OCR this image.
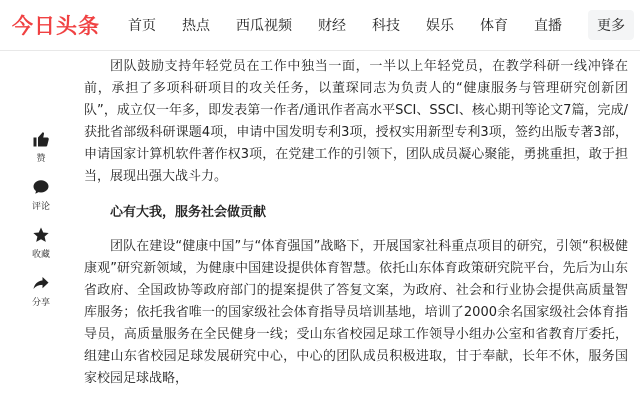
今日头条 首页 热点 西瓜视频 财经 科技 娱乐 体育 直播	更多
赞
评论
收藏
分享

团队鼓励支持年轻党员在工作中独当一面，一半以上年轻党员，在教学科研一线冲锋在前，承担了多项科研项目的攻关任务，以董琛同志为负责人的“健康服务与管理研究创新团队”，成立仅一年多，即发表第一作者/通讯作者高水平SCI、SSCI、核心期刊等论文7篇，完成/获批省部级科研课题4项，申请中国发明专利3项，授权实用新型专利3项，签约出版专著3部，申请国家计算机软件著作权3项，在党建工作的引领下，团队成员凝心聚能，勇挑重担，敢于担当，展现出强大战斗力。

心有大我，服务社会做贡献

团队在建设“健康中国”与“体育强国”战略下，开展国家社科重点项目的研究，引领“积极健康观”研究新领域，为健康中国建设提供体育智慧。依托山东体育政策研究院平台，先后为山东省政府、全国政协等政府部门的提案提供了答复文案，为政府、社会和行业协会提供高质量智库服务；依托我省唯一的国家级社会体育指导员培训基地，培训了2000余名国家级社会体育指导员，高质量服务在全民健身一线；受山东省校园足球工作领导小组办公室和省教育厅委托，组建山东省校园足球发展研究中心，中心的团队成员积极进取，甘于奉献，长年不休，服务国家校园足球战略，
